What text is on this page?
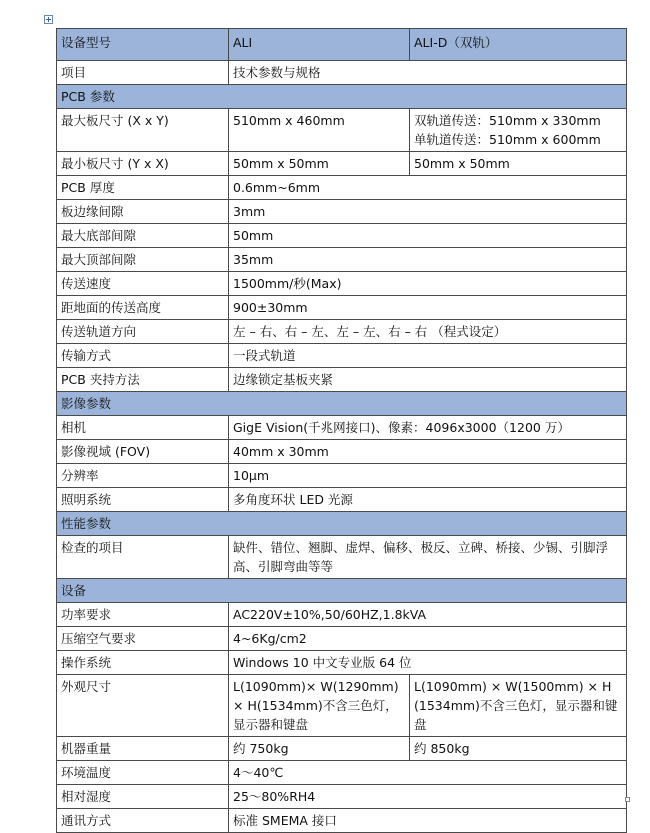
设备型号	ALI	ALI-D（双轨）
项目	技术参数与规格	
PCB 参数		
最大板尺寸 (X x Y)	510mm x 460mm	双轨道传送：510mm x 330mm
单轨道传送：510mm x 600mm

最小板尺寸 (Y x X)	50mm x 50mm	50mm x 50mm
PCB 厚度	0.6mm~6mm	
板边缘间隙	3mm	
最大底部间隙	50mm	
最大顶部间隙	35mm	
传送速度	1500mm/秒(Max)	
距地面的传送高度	900±30mm	
传送轨道方向	左 – 右、右 – 左、左 – 左、右 – 右 （程式设定）	
传输方式	一段式轨道	
PCB 夹持方法	边缘锁定基板夹紧	
影像参数		
相机	GigE Vision(千兆网接口)、像素：4096x3000（1200 万）	
影像视域 (FOV)	40mm x 30mm	
分辨率	10μm	
照明系统	多角度环状 LED 光源	
性能参数		
检查的项目	缺件、错位、翘脚、虚焊、偏移、极反、立碑、桥接、少锡、引脚浮高、引脚弯曲等等	
设备		
功率要求	AC220V±10%,50/60HZ,1.8kVA	
压缩空气要求	4~6Kg/cm2	
操作系统	Windows 10 中文专业版 64 位	
外观尺寸	L(1090mm)× W(1290mm)× H(1534mm)不含三色灯，显示器和键盘	L(1090mm) × W(1500mm) × H(1534mm)不含三色灯，显示器和键盘
机器重量	约 750kg	约 850kg
环境温度	4～40℃	
相对湿度	25～80%RH4	
通讯方式	标准 SMEMA 接口	
